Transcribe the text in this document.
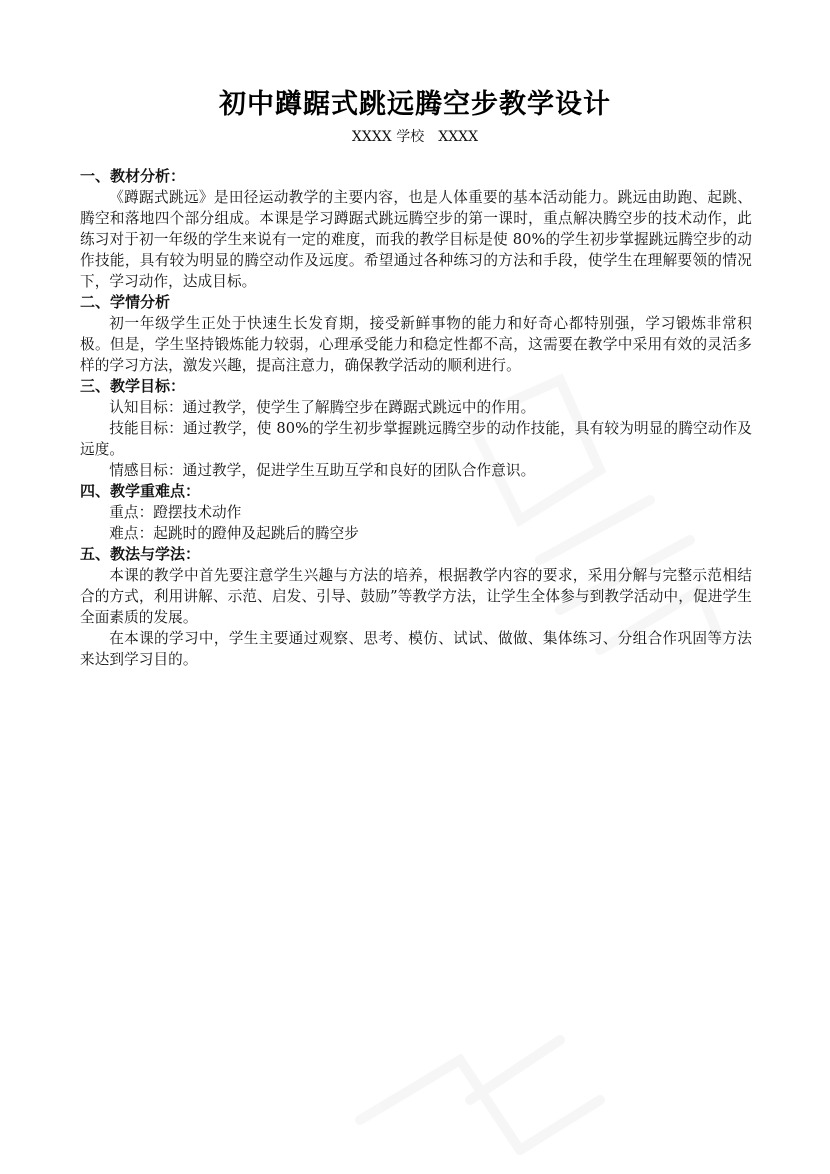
初中蹲踞式跳远腾空步教学设计
XXXX 学校　XXXX

一、教材分析：

《蹲踞式跳远》是田径运动教学的主要内容，也是人体重要的基本活动能力。跳远由助跑、起跳、腾空和落地四个部分组成。本课是学习蹲踞式跳远腾空步的第一课时，重点解决腾空步的技术动作，此练习对于初一年级的学生来说有一定的难度，而我的教学目标是使 80%的学生初步掌握跳远腾空步的动作技能，具有较为明显的腾空动作及远度。希望通过各种练习的方法和手段，使学生在理解要领的情况下，学习动作，达成目标。

二、学情分析

初一年级学生正处于快速生长发育期，接受新鲜事物的能力和好奇心都特别强，学习锻炼非常积极。但是，学生坚持锻炼能力较弱，心理承受能力和稳定性都不高，这需要在教学中采用有效的灵活多样的学习方法，激发兴趣，提高注意力，确保教学活动的顺利进行。

三、教学目标：

认知目标：通过教学，使学生了解腾空步在蹲踞式跳远中的作用。

技能目标：通过教学，使 80%的学生初步掌握跳远腾空步的动作技能，具有较为明显的腾空动作及远度。

情感目标：通过教学，促进学生互助互学和良好的团队合作意识。

四、教学重难点：

重点：蹬摆技术动作

难点：起跳时的蹬伸及起跳后的腾空步

五、教法与学法：

本课的教学中首先要注意学生兴趣与方法的培养，根据教学内容的要求，采用分解与完整示范相结合的方式，利用讲解、示范、启发、引导、鼓励”等教学方法，让学生全体参与到教学活动中，促进学生全面素质的发展。

在本课的学习中，学生主要通过观察、思考、模仿、试试、做做、集体练习、分组合作巩固等方法来达到学习目的。
